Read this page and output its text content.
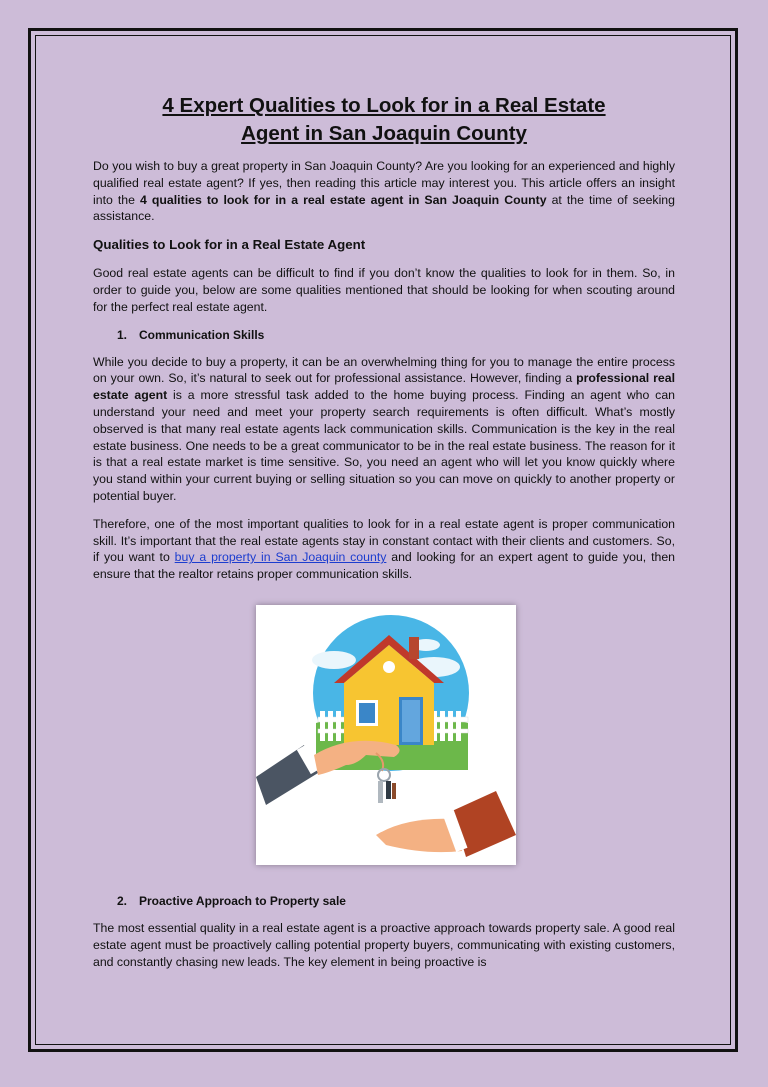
4 Expert Qualities to Look for in a Real Estate
Agent in San Joaquin County

Do you wish to buy a great property in San Joaquin County? Are you looking for an experienced and highly qualified real estate agent? If yes, then reading this article may interest you. This article offers an insight into the 4 qualities to look for in a real estate agent in San Joaquin County at the time of seeking assistance.

Qualities to Look for in a Real Estate Agent

Good real estate agents can be difficult to find if you don’t know the qualities to look for in them. So, in order to guide you, below are some qualities mentioned that should be looking for when scouting around for the perfect real estate agent.

1. Communication Skills

While you decide to buy a property, it can be an overwhelming thing for you to manage the entire process on your own. So, it’s natural to seek out for professional assistance. However, finding a professional real estate agent is a more stressful task added to the home buying process. Finding an agent who can understand your need and meet your property search requirements is often difficult. What’s mostly observed is that many real estate agents lack communication skills. Communication is the key in the real estate business. One needs to be a great communicator to be in the real estate business. The reason for it is that a real estate market is time sensitive. So, you need an agent who will let you know quickly where you stand within your current buying or selling situation so you can move on quickly to another property or potential buyer.

Therefore, one of the most important qualities to look for in a real estate agent is proper communication skill. It’s important that the real estate agents stay in constant contact with their clients and customers. So, if you want to buy a property in San Joaquin county and looking for an expert agent to guide you, then ensure that the realtor retains proper communication skills.

2. Proactive Approach to Property sale

The most essential quality in a real estate agent is a proactive approach towards property sale. A good real estate agent must be proactively calling potential property buyers, communicating with existing customers, and constantly chasing new leads. The key element in being proactive is
